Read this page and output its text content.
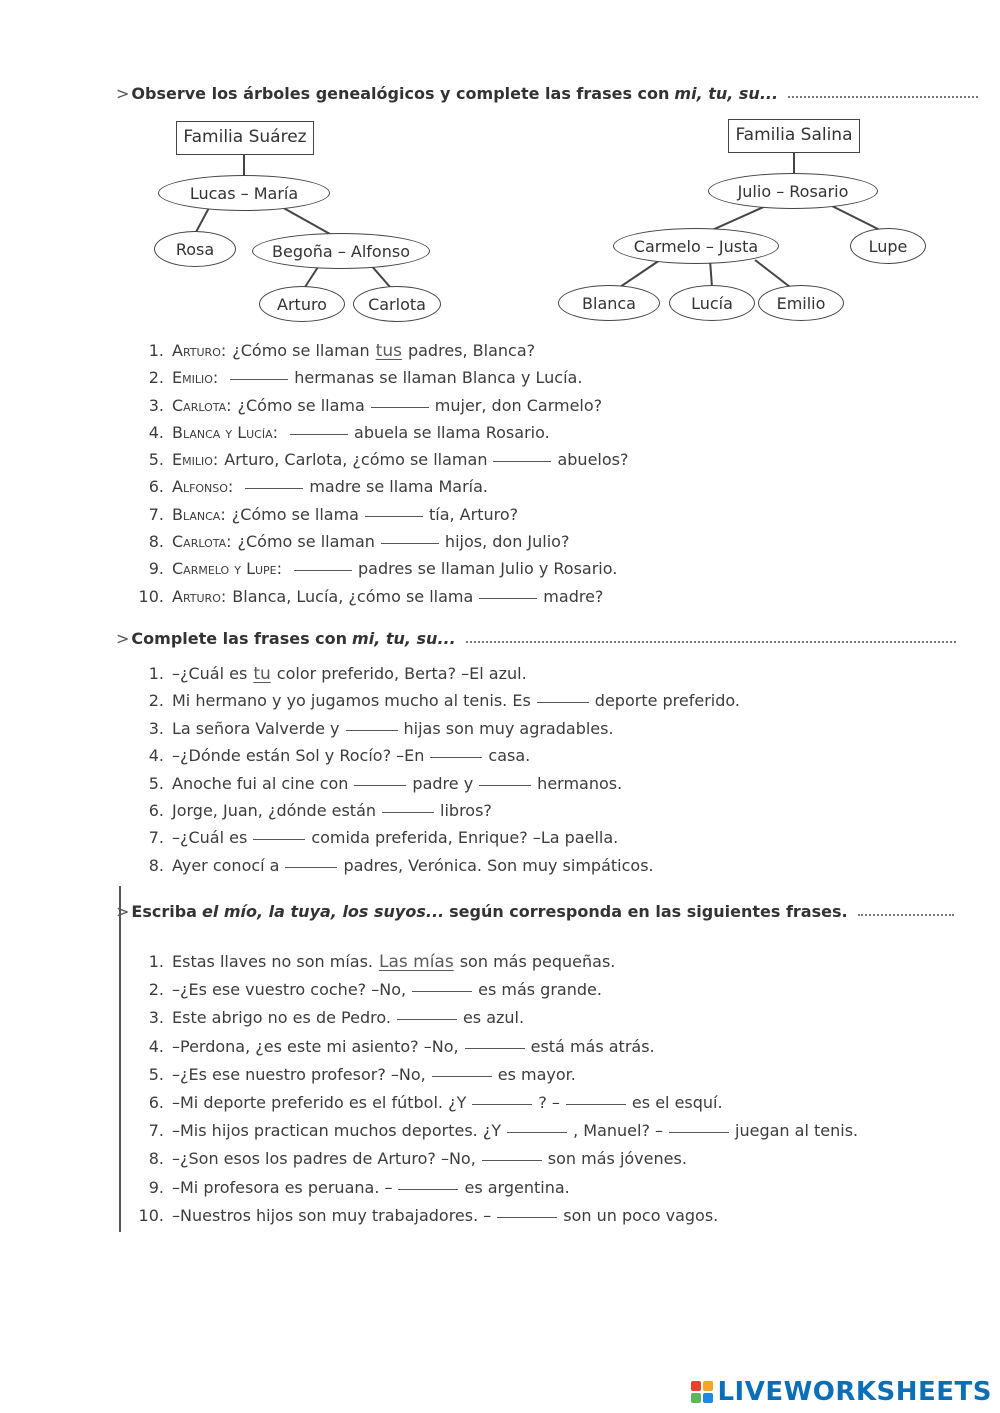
> Observe los árboles genealógicos y complete las frases con mi, tu, su...
Familia Suárez
Lucas – María
Rosa	Begoña – Alfonso
Arturo	Carlota
Familia Salina
Julio – Rosario
Carmelo – Justa	Lupe
Blanca	Lucía	Emilio
1. Arturo: ¿Cómo se llaman tus padres, Blanca?
2. Emilio:	hermanas se llaman Blanca y Lucía.
3. Carlota: ¿Cómo se llama	mujer, don Carmelo?
4. Blanca y Lucía:	abuela se llama Rosario.
5. Emilio: Arturo, Carlota, ¿cómo se llaman	abuelos?
6. Alfonso:	madre se llama María.
7. Blanca: ¿Cómo se llama	tía, Arturo?
8. Carlota: ¿Cómo se llaman	hijos, don Julio?
9. Carmelo y Lupe:	padres se llaman Julio y Rosario.
10. Arturo: Blanca, Lucía, ¿cómo se llama	madre?
> Complete las frases con mi, tu, su...
1. –¿Cuál es tu color preferido, Berta? –El azul.
2. Mi hermano y yo jugamos mucho al tenis. Es	deporte preferido.
3. La señora Valverde y	hijas son muy agradables.
4. –¿Dónde están Sol y Rocío? –En	casa.
5. Anoche fui al cine con	padre y	hermanos.
6. Jorge, Juan, ¿dónde están	libros?
7. –¿Cuál es	comida preferida, Enrique? –La paella.
8. Ayer conocí a	padres, Verónica. Son muy simpáticos.
> Escriba el mío, la tuya, los suyos... según corresponda en las siguientes frases.
1. Estas llaves no son mías. Las mías son más pequeñas.
2. –¿Es ese vuestro coche? –No,	es más grande.
3. Este abrigo no es de Pedro.	es azul.
4. –Perdona, ¿es este mi asiento? –No,	está más atrás.
5. –¿Es ese nuestro profesor? –No,	es mayor.
6. –Mi deporte preferido es el fútbol. ¿Y	? –	es el esquí.
7. –Mis hijos practican muchos deportes. ¿Y	, Manuel? –	juegan al tenis.
8. –¿Son esos los padres de Arturo? –No,	son más jóvenes.
9. –Mi profesora es peruana. –	es argentina.
10. –Nuestros hijos son muy trabajadores. –	son un poco vagos.
LIVEWORKSHEETS
